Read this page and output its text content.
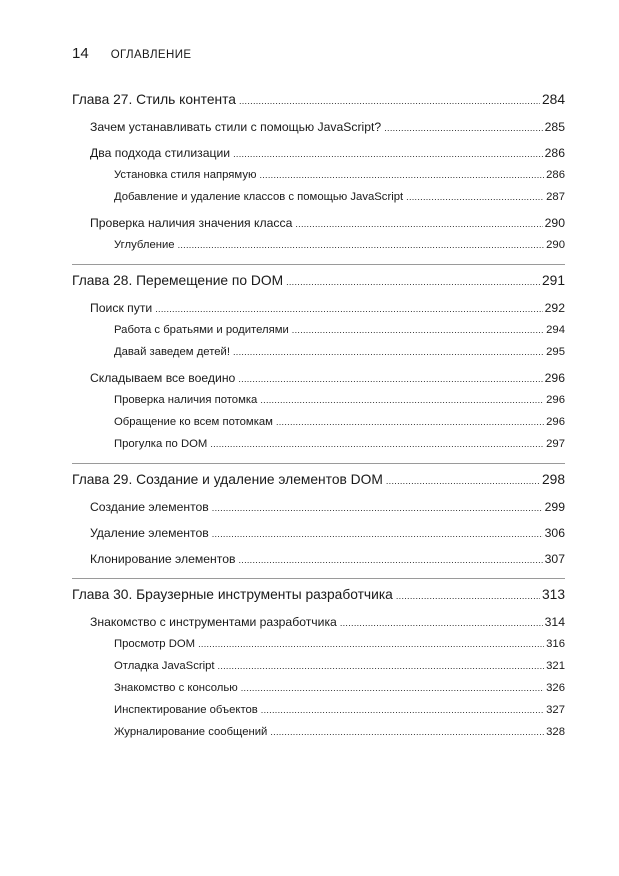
14 ОГЛАВЛЕНИЕ
Глава 27. Стиль контента .....	284
Зачем устанавливать стили с помощью JavaScript? .....	285
Два подхода стилизации .....	286
Установка стиля напрямую .....	286
Добавление и удаление классов с помощью JavaScript .....	287
Проверка наличия значения класса .....	290
Углубление .....	290
Глава 28. Перемещение по DOM .....	291
Поиск пути .....	292
Работа с братьями и родителями .....	294
Давай заведем детей! .....	295
Складываем все воедино .....	296
Проверка наличия потомка .....	296
Обращение ко всем потомкам .....	296
Прогулка по DOM .....	297
Глава 29. Создание и удаление элементов DOM .....	298
Создание элементов .....	299
Удаление элементов .....	306
Клонирование элементов .....	307
Глава 30. Браузерные инструменты разработчика .....	313
Знакомство с инструментами разработчика .....	314
Просмотр DOM .....	316
Отладка JavaScript .....	321
Знакомство с консолью .....	326
Инспектирование объектов .....	327
Журналирование сообщений .....	328
